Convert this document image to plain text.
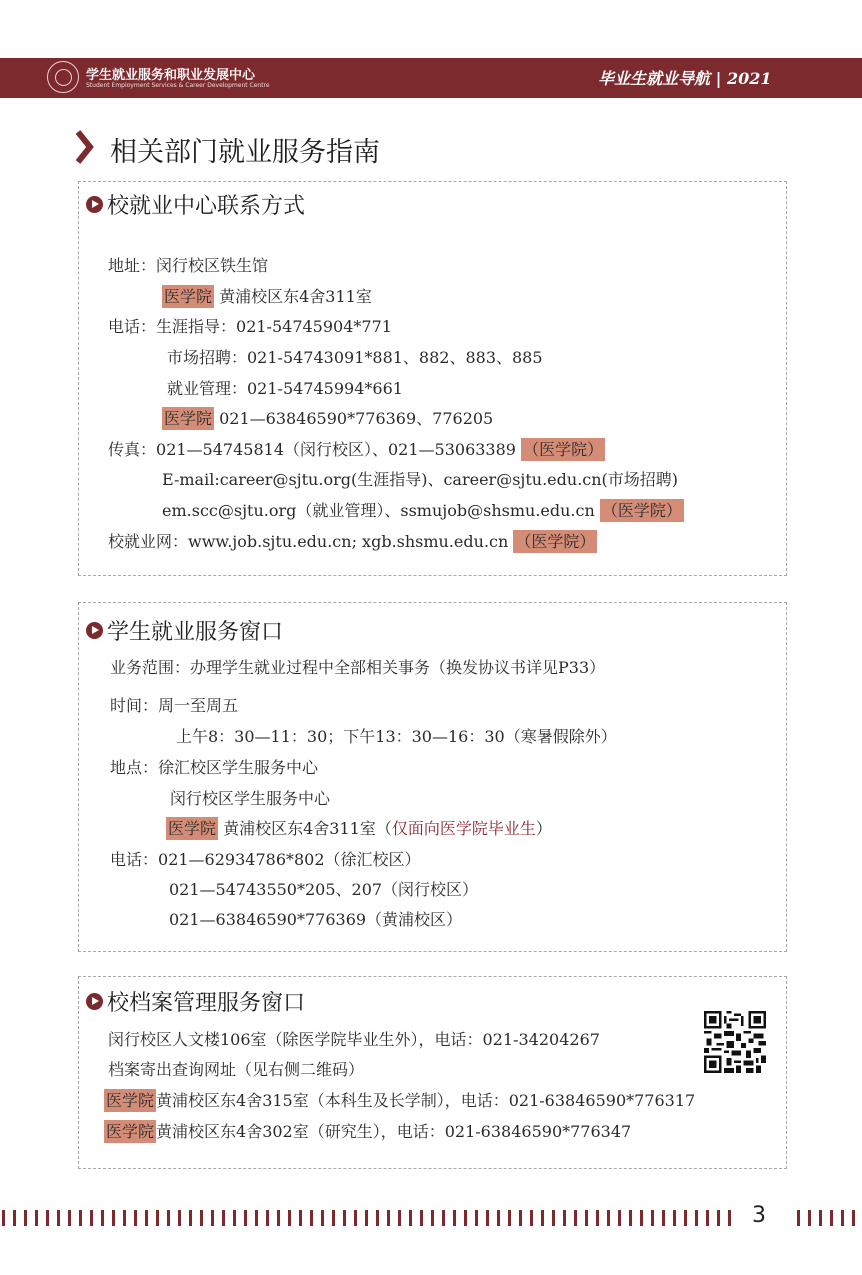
学生就业服务和职业发展中心
Student Employment Services & Career Development Centre	毕业生就业导航 | 2021
相关部门就业服务指南
校就业中心联系方式
地址：闵行校区铁生馆
医学院 黄浦校区东4舍311室
电话：生涯指导：021-54745904*771
市场招聘：021-54743091*881、882、883、885
就业管理：021-54745994*661
医学院 021—63846590*776369、776205
传真：021—54745814（闵行校区）、021—53063389 （医学院）
E-mail:career@sjtu.org(生涯指导)、career@sjtu.edu.cn(市场招聘)
em.scc@sjtu.org（就业管理）、ssmujob@shsmu.edu.cn （医学院）
校就业网：www.job.sjtu.edu.cn; xgb.shsmu.edu.cn （医学院）
学生就业服务窗口
业务范围：办理学生就业过程中全部相关事务（换发协议书详见P33）
时间：周一至周五
上午8：30—11：30；下午13：30—16：30（寒暑假除外）
地点：徐汇校区学生服务中心
闵行校区学生服务中心
医学院 黄浦校区东4舍311室（仅面向医学院毕业生）
电话：021—62934786*802（徐汇校区）
021—54743550*205、207（闵行校区）
021—63846590*776369（黄浦校区）
校档案管理服务窗口
闵行校区人文楼106室（除医学院毕业生外），电话：021-34204267
档案寄出查询网址（见右侧二维码）
医学院 黄浦校区东4舍315室（本科生及长学制），电话：021-63846590*776317
医学院 黄浦校区东4舍302室（研究生），电话：021-63846590*776347
3
